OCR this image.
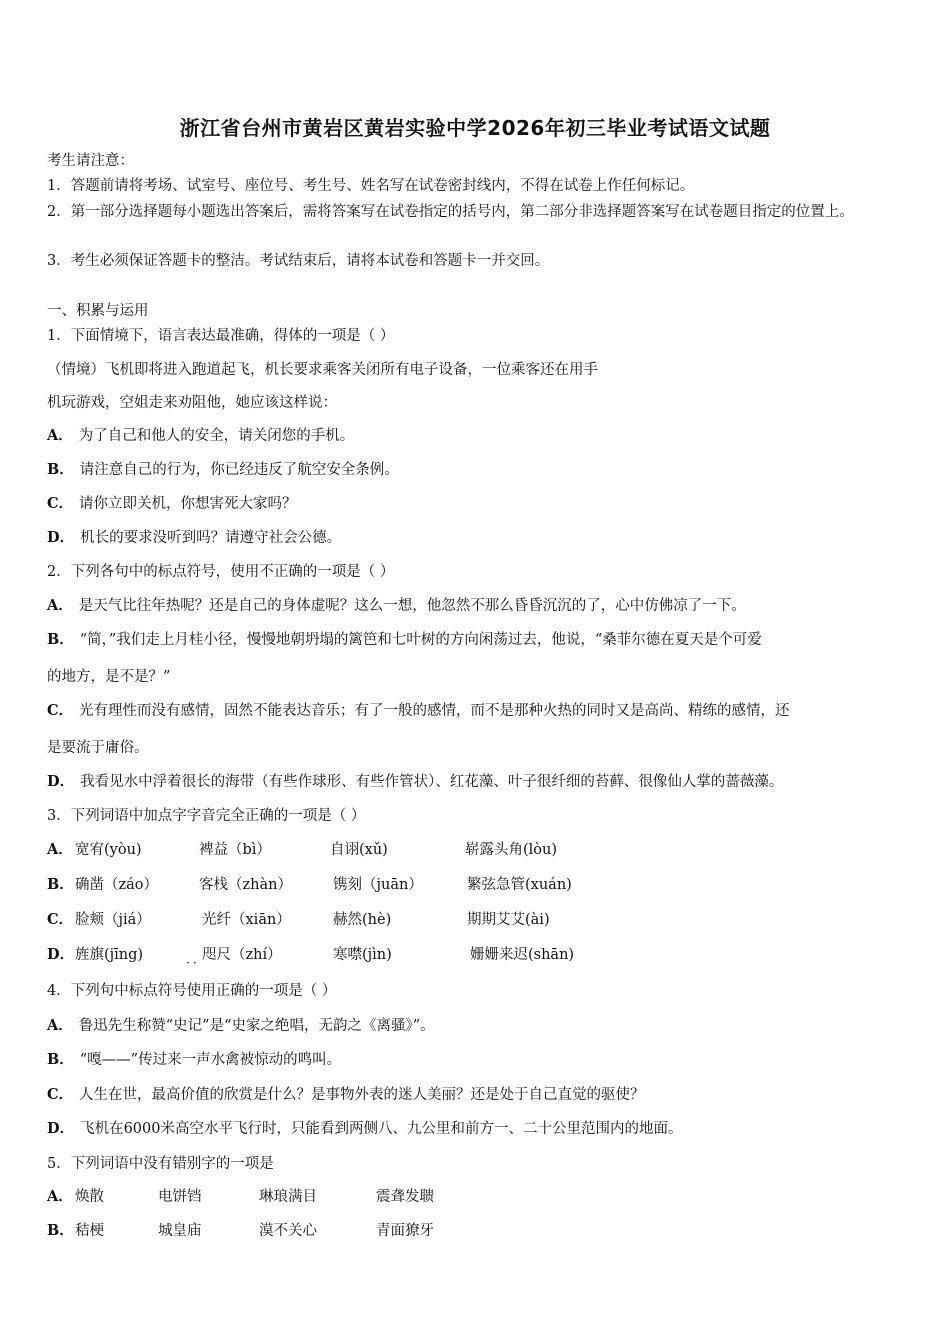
浙江省台州市黄岩区黄岩实验中学2026年初三毕业考试语文试题
考生请注意：
1．答题前请将考场、试室号、座位号、考生号、姓名写在试卷密封线内，不得在试卷上作任何标记。
2．第一部分选择题每小题选出答案后，需将答案写在试卷指定的括号内，第二部分非选择题答案写在试卷题目指定的位置上。
3．考生必须保证答题卡的整洁。考试结束后，请将本试卷和答题卡一并交回。
一、积累与运用
1．下面情境下，语言表达最准确，得体的一项是（ ）
（情境）飞机即将进入跑道起飞，机长要求乘客关闭所有电子设备，一位乘客还在用手
机玩游戏，空姐走来劝阻他，她应该这样说：
A． 为了自己和他人的安全，请关闭您的手机。
B． 请注意自己的行为，你已经违反了航空安全条例。
C． 请你立即关机，你想害死大家吗？
D． 机长的要求没听到吗？请遵守社会公德。
2．下列各句中的标点符号，使用不正确的一项是（ ）
A． 是天气比往年热呢？还是自己的身体虚呢？这么一想，他忽然不那么昏昏沉沉的了，心中仿佛凉了一下。
B． “简，”我们走上月桂小径，慢慢地朝坍塌的篱笆和七叶树的方向闲荡过去，他说，“桑菲尔德在夏天是个可爱
的地方，是不是？”
C． 光有理性而没有感情，固然不能表达音乐；有了一般的感情，而不是那种火热的同时又是高尚、精练的感情，还
是要流于庸俗。
D． 我看见水中浮着很长的海带（有些作球形、有些作管状）、红花藻、叶子很纤细的苔藓、很像仙人掌的蔷薇藻。
3．下列词语中加点字字音完全正确的一项是（ ）
A． 宽宥(yòu)	裨益（bì）	自诩(xǔ)	崭露头角(lòu)
B． 确凿（záo）	客栈（zhàn）	镌刻（juān）	繁弦急管(xuán)
C． 脸颊（jiá）	光纤（xiān）	赫然(hè)	期期艾艾(ài)
D． 旌旗(jīng)	咫尺（zhí）	寒噤(jìn)	姗姗来迟(shān)
··
4．下列句中标点符号使用正确的一项是（ ）
A． 鲁迅先生称赞“史记”是“史家之绝唱，无韵之《离骚》”。
B． “嘎——”传过来一声水禽被惊动的鸣叫。
C． 人生在世，最高价值的欣赏是什么？是事物外表的迷人美丽？还是处于自己直觉的驱使？
D． 飞机在6000米高空水平飞行时，只能看到两侧八、九公里和前方一、二十公里范围内的地面。
5．下列词语中没有错别字的一项是
A． 焕散	电饼铛	琳琅满目	震聋发聩
B． 秸梗	城皇庙	漠不关心	青面獠牙
